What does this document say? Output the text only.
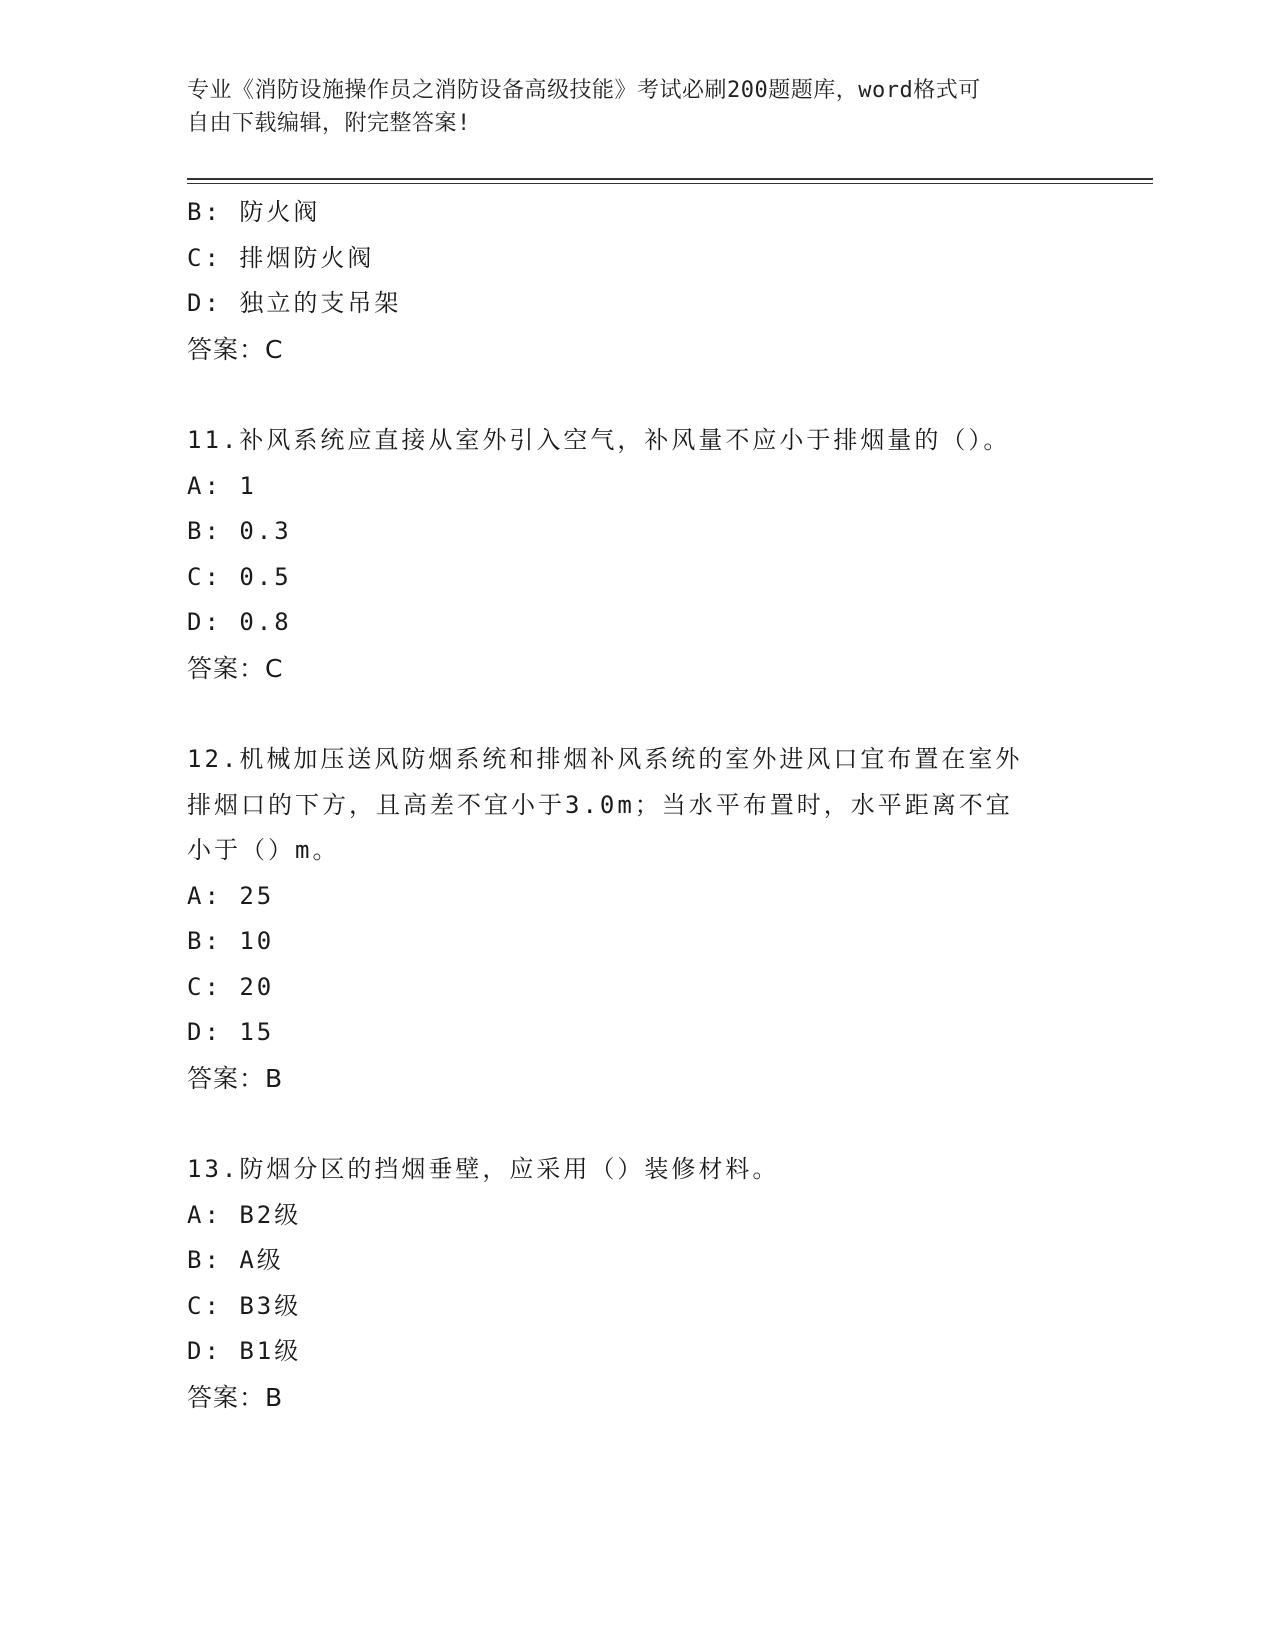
专业《消防设施操作员之消防设备高级技能》考试必刷200题题库，word格式可
自由下载编辑，附完整答案!
B: 防火阀
C: 排烟防火阀
D: 独立的支吊架
答案：C
11.补风系统应直接从室外引入空气，补风量不应小于排烟量的（）。
A: 1
B: 0.3
C: 0.5
D: 0.8
答案：C
12.机械加压送风防烟系统和排烟补风系统的室外进风口宜布置在室外
排烟口的下方，且高差不宜小于3.0m；当水平布置时，水平距离不宜
小于（）m。
A: 25
B: 10
C: 20
D: 15
答案：B
13.防烟分区的挡烟垂壁，应采用（）装修材料。
A: B2级
B: A级
C: B3级
D: B1级
答案：B
